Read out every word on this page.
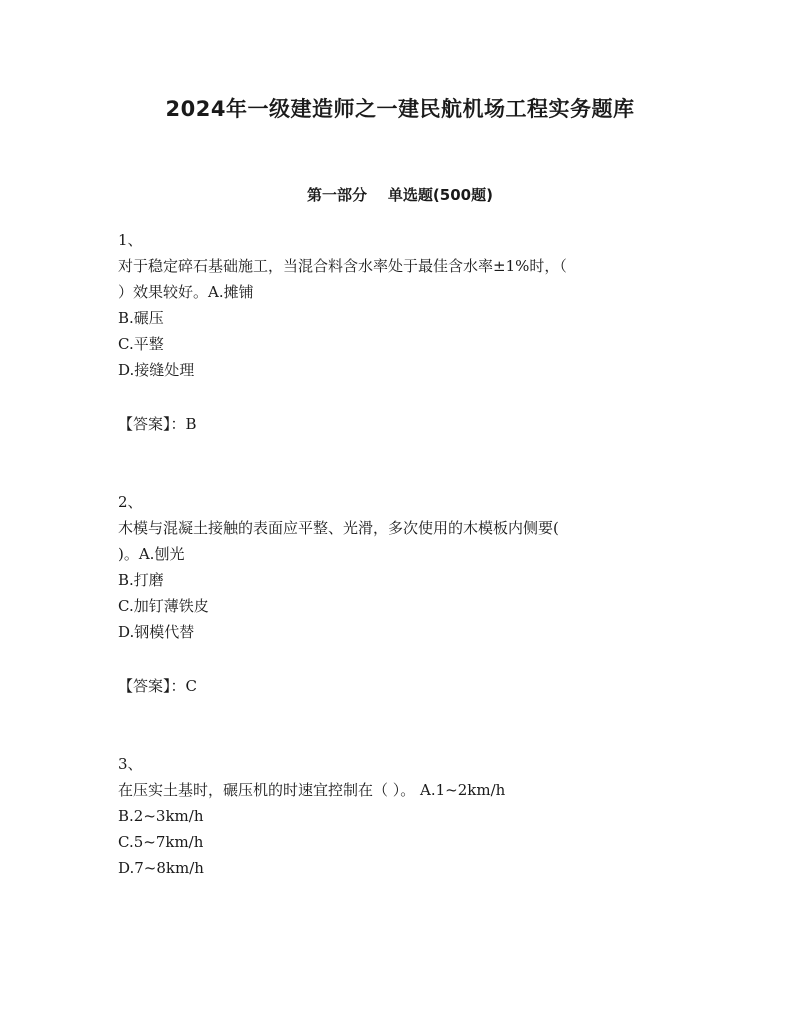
2024年一级建造师之一建民航机场工程实务题库
第一部分    单选题(500题)
1、
对于稳定碎石基础施工，当混合料含水率处于最佳含水率±1%时，（
）效果较好。A.摊铺
B.碾压
C.平整
D.接缝处理
【答案】：B
2、
木模与混凝土接触的表面应平整、光滑，多次使用的木模板内侧要(
)。A.刨光
B.打磨
C.加钉薄铁皮
D.钢模代替
【答案】：C
3、
在压实土基时，碾压机的时速宜控制在（ ）。 A.1~2km/h
B.2~3km/h
C.5~7km/h
D.7~8km/h
